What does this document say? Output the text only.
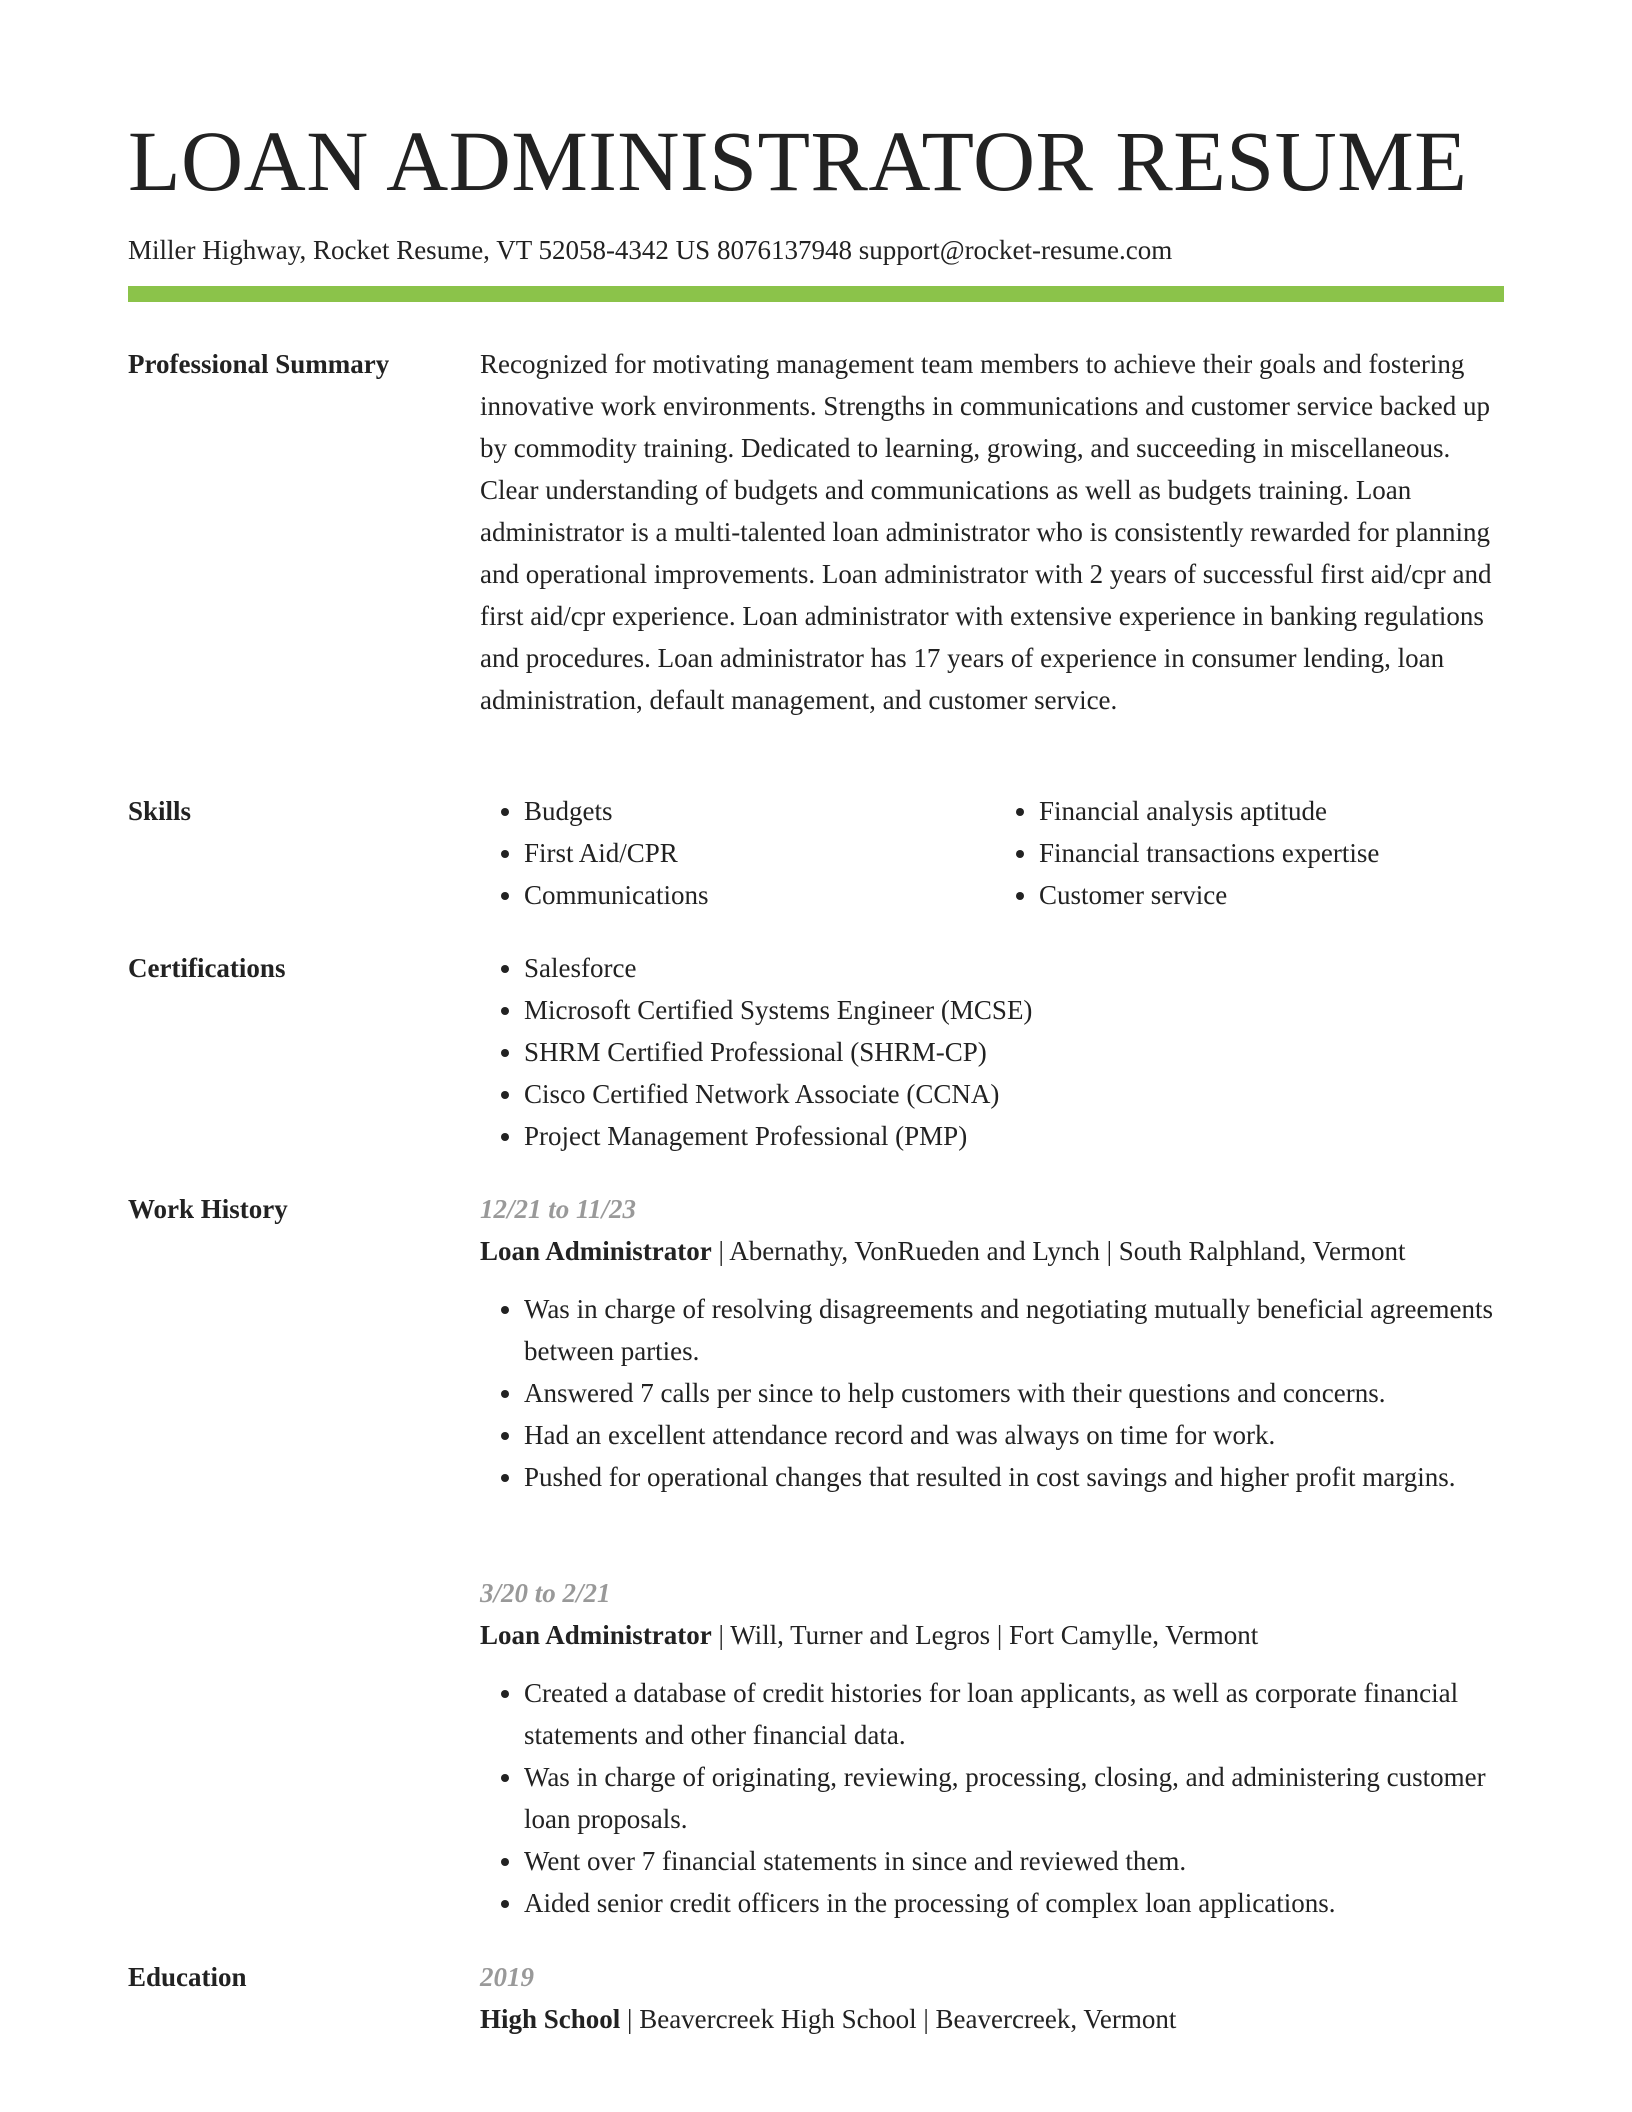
LOAN ADMINISTRATOR RESUME
Miller Highway, Rocket Resume, VT 52058-4342 US 8076137948 support@rocket-resume.com
Professional Summary	Recognized for motivating management team members to achieve their goals and fostering innovative work environments. Strengths in communications and customer service backed up by commodity training. Dedicated to learning, growing, and succeeding in miscellaneous. Clear understanding of budgets and communications as well as budgets training. Loan administrator is a multi-talented loan administrator who is consistently rewarded for planning and operational improvements. Loan administrator with 2 years of successful first aid/cpr and first aid/cpr experience. Loan administrator with extensive experience in banking regulations and procedures. Loan administrator has 17 years of experience in consumer lending, loan administration, default management, and customer service.

Skills	• Budgets
• First Aid/CPR
• Communications
• Financial analysis aptitude
• Financial transactions expertise
• Customer service
Certifications	• Salesforce
• Microsoft Certified Systems Engineer (MCSE)
• SHRM Certified Professional (SHRM-CP)
• Cisco Certified Network Associate (CCNA)
• Project Management Professional (PMP)
Work History	12/21 to 11/23
Loan Administrator | Abernathy, VonRueden and Lynch | South Ralphland, Vermont
• Was in charge of resolving disagreements and negotiating mutually beneficial agreements between parties.
• Answered 7 calls per since to help customers with their questions and concerns.
• Had an excellent attendance record and was always on time for work.
• Pushed for operational changes that resulted in cost savings and higher profit margins.
3/20 to 2/21
Loan Administrator | Will, Turner and Legros | Fort Camylle, Vermont
• Created a database of credit histories for loan applicants, as well as corporate financial statements and other financial data.
• Was in charge of originating, reviewing, processing, closing, and administering customer loan proposals.
• Went over 7 financial statements in since and reviewed them.
• Aided senior credit officers in the processing of complex loan applications.
Education	2019
High School | Beavercreek High School | Beavercreek, Vermont
